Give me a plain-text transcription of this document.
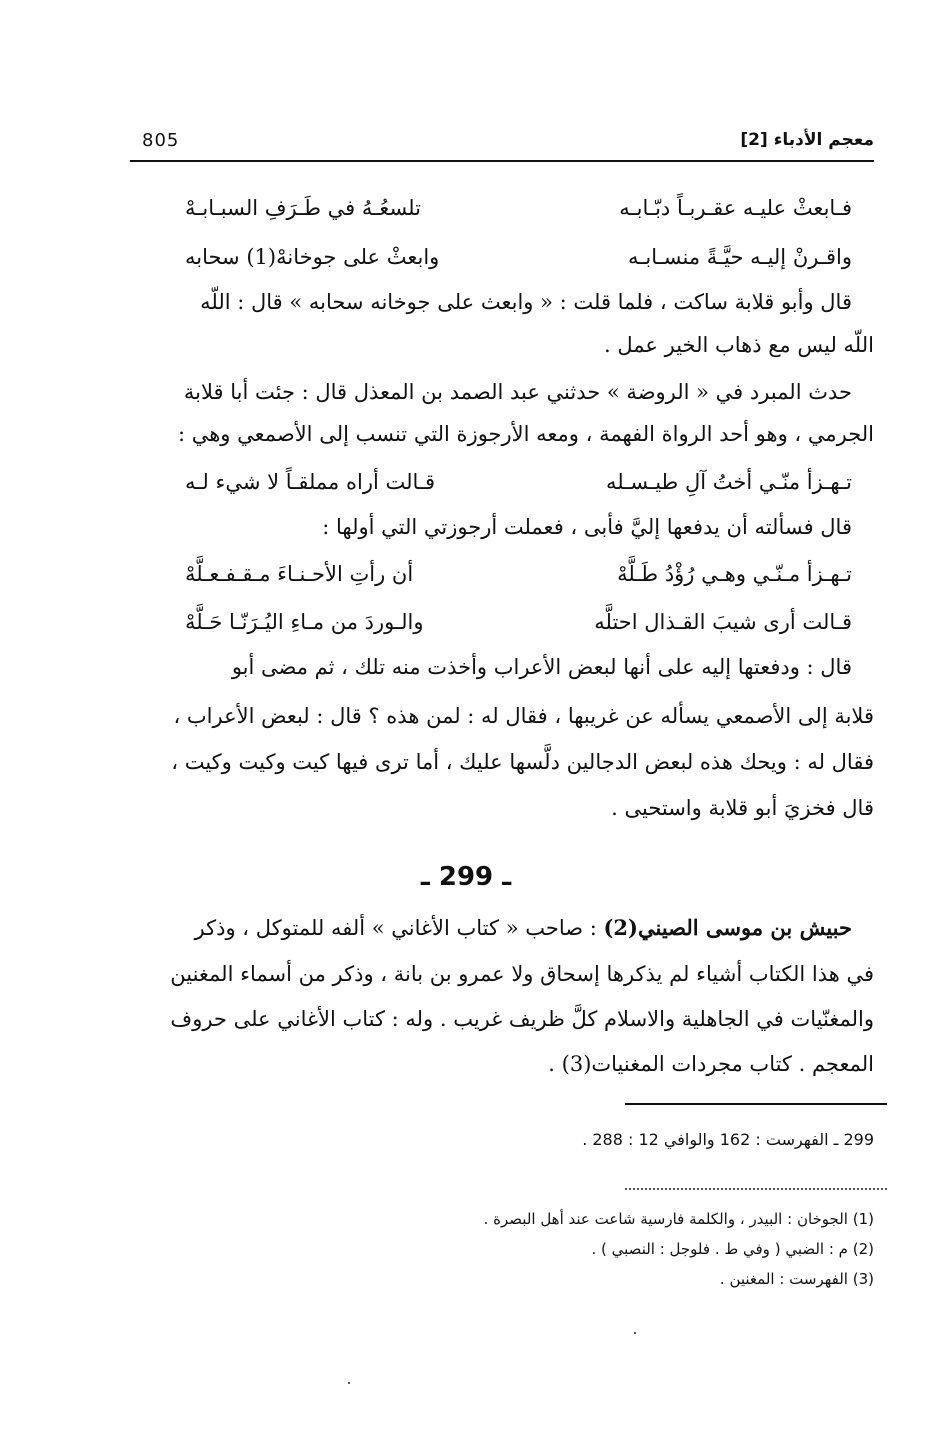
805	معجم الأدباء [2]
فـابعثْ عليـه عقـربـاً دبّـابـه
تلسعُـهُ في طَـرَفِ السبـابـهْ
واقـرنْ إليـه حيَّـةً منسـابـه
وابعثْ على جوخانهْ(1) سحابه
قال وأبو قلابة ساكت ، فلما قلت : « وابعث على جوخانه سحابه » قال : اللّه
اللّه ليس مع ذهاب الخير عمل .
حدث المبرد في « الروضة » حدثني عبد الصمد بن المعذل قال : جئت أبا قلابة
الجرمي ، وهو أحد الرواة الفهمة ، ومعه الأرجوزة التي تنسب إلى الأصمعي وهي :
تـهـزأ منّـي أختُ آلِ طيـسـله
قـالت أراه مملقـاً لا شيء لـه
قال فسألته أن يدفعها إليَّ فأبى ، فعملت أرجوزتي التي أولها :
تـهـزأ مـنّـي وهـي رُؤْدُ طَـلَّهْ
أن رأتِ الأحـنـاءَ مـقـفـعـلَّهْ
قـالت أرى شيبَ القـذال احتلَّه
والـوردَ من مـاءِ اليُـرَنّـا حَـلَّهْ
قال : ودفعتها إليه على أنها لبعض الأعراب وأخذت منه تلك ، ثم مضى أبو
قلابة إلى الأصمعي يسأله عن غريبها ، فقال له : لمن هذه ؟ قال : لبعض الأعراب ،
فقال له : ويحك هذه لبعض الدجالين دلَّسها عليك ، أما ترى فيها كيت وكيت وكيت ،
قال فخزيَ أبو قلابة واستحيى .
ـ 299 ـ
حبيش بن موسى الصيني(2) : صاحب « كتاب الأغاني » ألفه للمتوكل ، وذكر
في هذا الكتاب أشياء لم يذكرها إسحاق ولا عمرو بن بانة ، وذكر من أسماء المغنين
والمغنّيات في الجاهلية والاسلام كلَّ ظريف غريب . وله : كتاب الأغاني على حروف
المعجم . كتاب مجردات المغنيات(3) .
299 ـ الفهرست : 162 والوافي 12 : 288 .
(1) الجوخان : البيدر ، والكلمة فارسية شاعت عند أهل البصرة .
(2) م : الضبي ( وفي ط . فلوجل : النصبي ) .
(3) الفهرست : المغنين .
